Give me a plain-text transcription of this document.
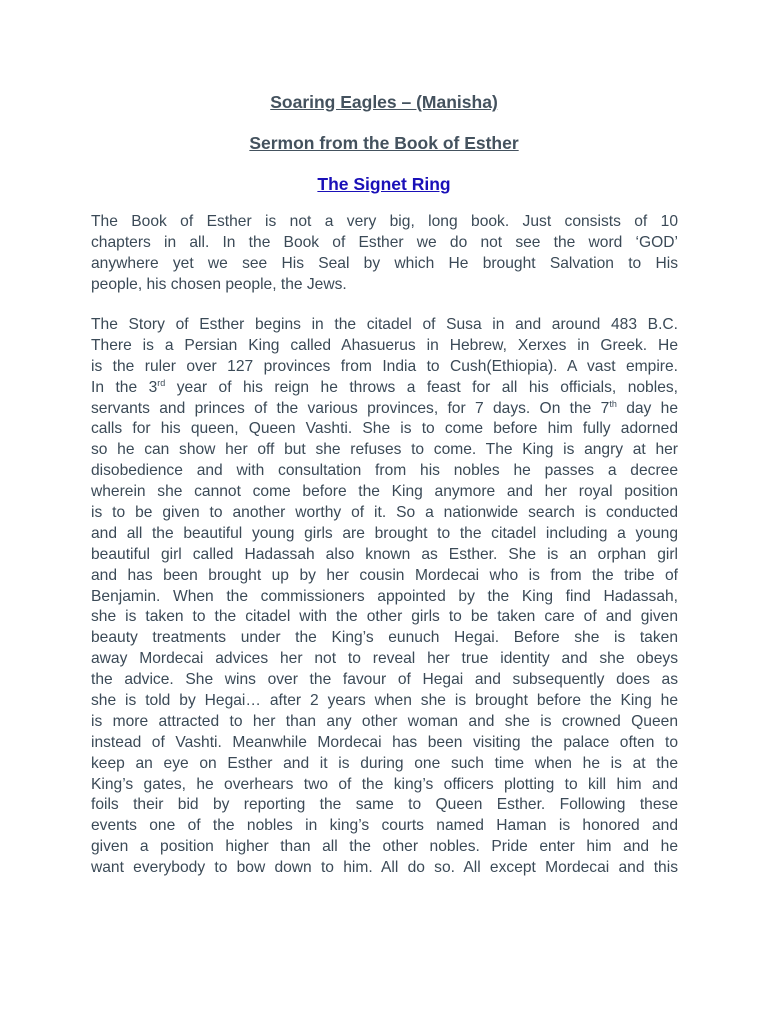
Soaring Eagles – (Manisha)
Sermon from the Book of Esther
The Signet Ring
The Book of Esther is not a very big, long book. Just consists of 10
chapters in all. In the Book of Esther we do not see the word ‘GOD’
anywhere yet we see His Seal by which He brought Salvation to His
people, his chosen people, the Jews.
The Story of Esther begins in the citadel of Susa in and around 483 B.C.
There is a Persian King called Ahasuerus in Hebrew, Xerxes in Greek. He
is the ruler over 127 provinces from India to Cush(Ethiopia). A vast empire.
In the 3rd year of his reign he throws a feast for all his officials, nobles,
servants and princes of the various provinces, for 7 days. On the 7th day he
calls for his queen, Queen Vashti. She is to come before him fully adorned
so he can show her off but she refuses to come. The King is angry at her
disobedience and with consultation from his nobles he passes a decree
wherein she cannot come before the King anymore and her royal position
is to be given to another worthy of it. So a nationwide search is conducted
and all the beautiful young girls are brought to the citadel including a young
beautiful girl called Hadassah also known as Esther. She is an orphan girl
and has been brought up by her cousin Mordecai who is from the tribe of
Benjamin. When the commissioners appointed by the King find Hadassah,
she is taken to the citadel with the other girls to be taken care of and given
beauty treatments under the King’s eunuch Hegai. Before she is taken
away Mordecai advices her not to reveal her true identity and she obeys
the advice. She wins over the favour of Hegai and subsequently does as
she is told by Hegai… after 2 years when she is brought before the King he
is more attracted to her than any other woman and she is crowned Queen
instead of Vashti. Meanwhile Mordecai has been visiting the palace often to
keep an eye on Esther and it is during one such time when he is at the
King’s gates, he overhears two of the king’s officers plotting to kill him and
foils their bid by reporting the same to Queen Esther. Following these
events one of the nobles in king’s courts named Haman is honored and
given a position higher than all the other nobles. Pride enter him and he
want everybody to bow down to him. All do so. All except Mordecai and this
